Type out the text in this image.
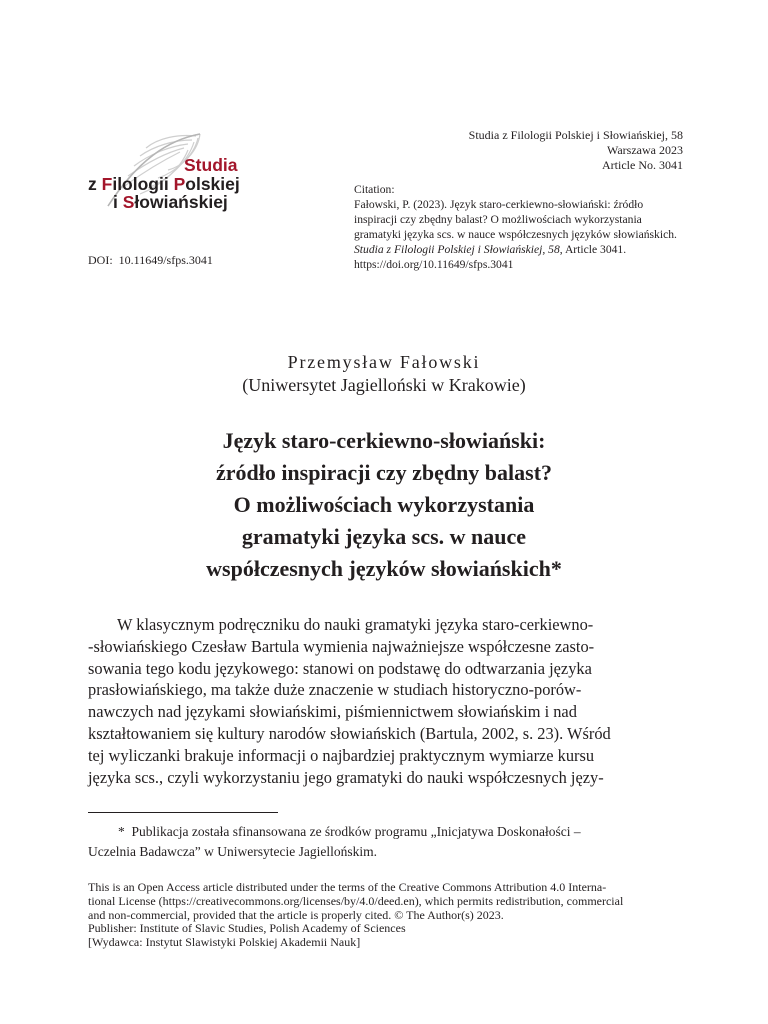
Studia
z Filologii Polskiej
i Słowiańskiej
DOI: 10.11649/sfps.3041
Studia z Filologii Polskiej i Słowiańskiej, 58
Warszawa 2023
Article No. 3041
Citation:
Fałowski, P. (2023). Język staro-cerkiewno-słowiański: źródło inspiracji czy zbędny balast? O możliwościach wykorzystania gramatyki języka scs. w nauce współczesnych języków słowiańskich. Studia z Filologii Polskiej i Słowiańskiej, 58, Article 3041.
https://doi.org/10.11649/sfps.3041
Przemysław Fałowski
(Uniwersytet Jagielloński w Krakowie)
Język staro-cerkiewno-słowiański:
źródło inspiracji czy zbędny balast?
O możliwościach wykorzystania
gramatyki języka scs. w nauce
współczesnych języków słowiańskich*
W klasycznym podręczniku do nauki gramatyki języka staro-cerkiewno-
-słowiańskiego Czesław Bartula wymienia najważniejsze współczesne zasto-
sowania tego kodu językowego: stanowi on podstawę do odtwarzania języka
prasłowiańskiego, ma także duże znaczenie w studiach historyczno-porów-
nawczych nad językami słowiańskimi, piśmiennictwem słowiańskim i nad
kształtowaniem się kultury narodów słowiańskich (Bartula, 2002, s. 23). Wśród
tej wyliczanki brakuje informacji o najbardziej praktycznym wymiarze kursu
języka scs., czyli wykorzystaniu jego gramatyki do nauki współczesnych języ-
* Publikacja została sfinansowana ze środków programu „Inicjatywa Doskonałości –
Uczelnia Badawcza” w Uniwersytecie Jagiellońskim.
This is an Open Access article distributed under the terms of the Creative Commons Attribution 4.0 Interna-
tional License (https://creativecommons.org/licenses/by/4.0/deed.en), which permits redistribution, commercial
and non-commercial, provided that the article is properly cited. © The Author(s) 2023.
Publisher: Institute of Slavic Studies, Polish Academy of Sciences
[Wydawca: Instytut Slawistyki Polskiej Akademii Nauk]
